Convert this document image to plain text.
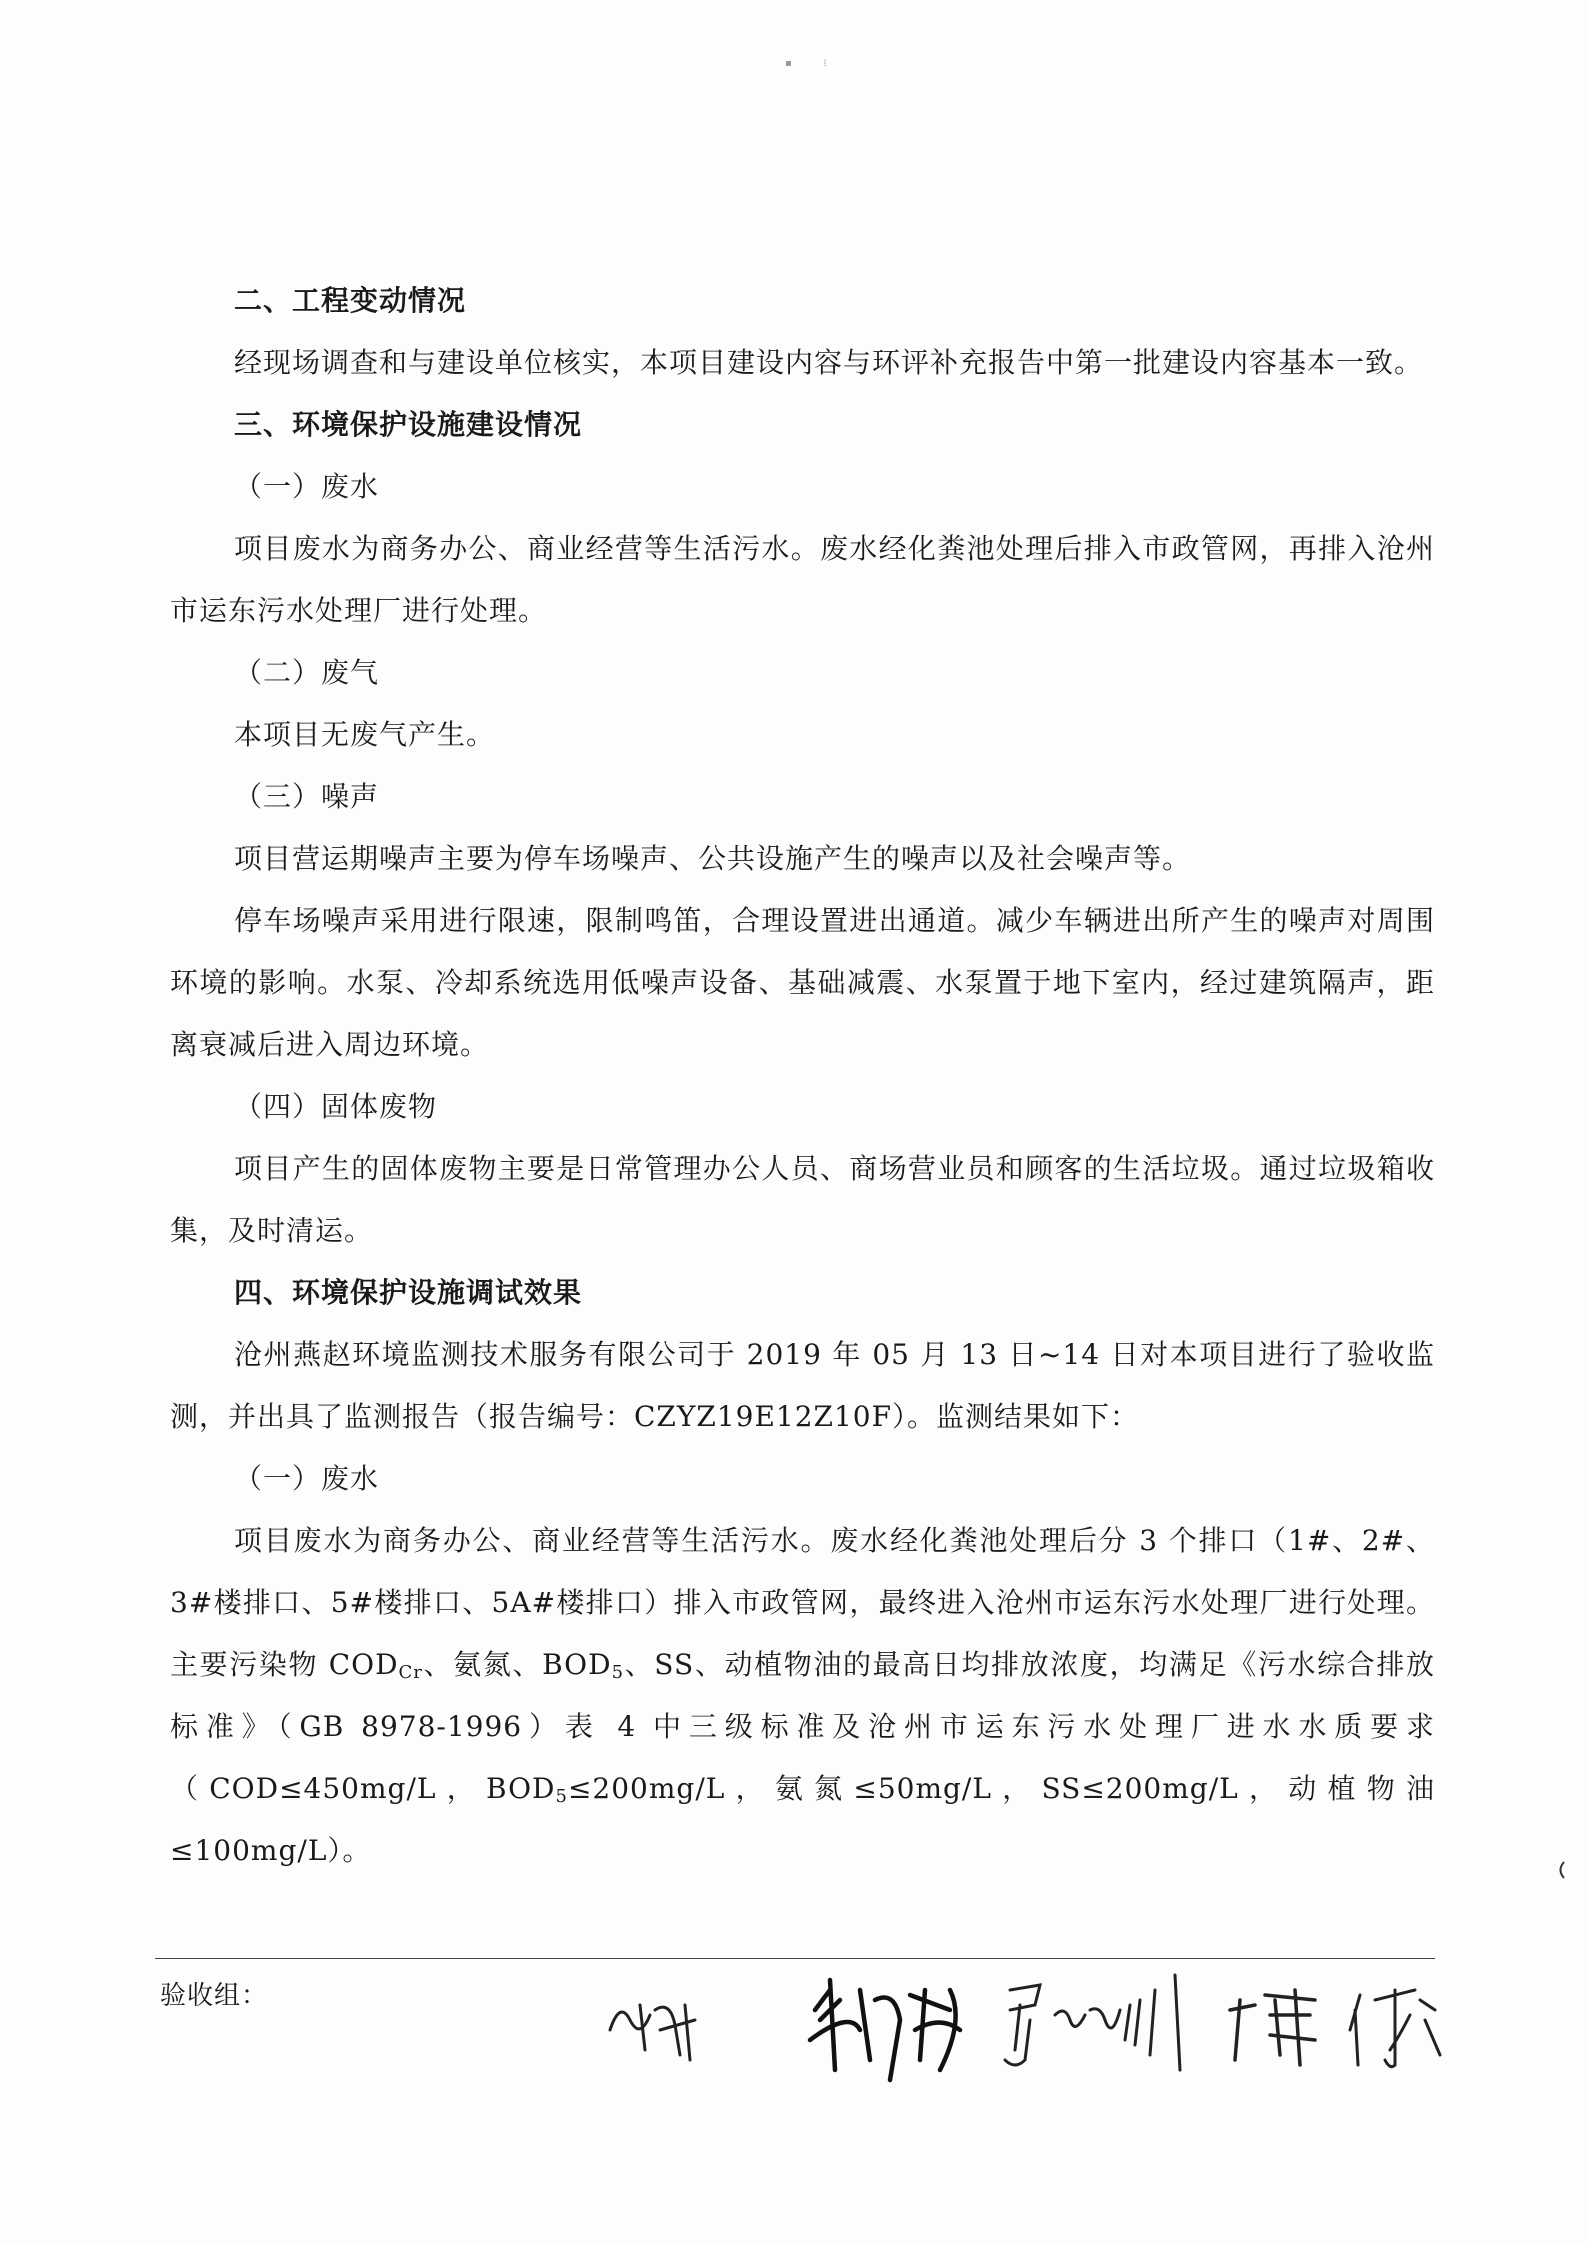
▪          ⁞

二、工程变动情况

经现场调查和与建设单位核实，本项目建设内容与环评补充报告中第一批建设内容基本一致。

三、环境保护设施建设情况

（一）废水

项目废水为商务办公、商业经营等生活污水。废水经化粪池处理后排入市政管网，再排入沧州市运东污水处理厂进行处理。

（二）废气

本项目无废气产生。

（三）噪声

项目营运期噪声主要为停车场噪声、公共设施产生的噪声以及社会噪声等。

停车场噪声采用进行限速，限制鸣笛，合理设置进出通道。减少车辆进出所产生的噪声对周围环境的影响。水泵、冷却系统选用低噪声设备、基础减震、水泵置于地下室内，经过建筑隔声，距离衰减后进入周边环境。

（四）固体废物

项目产生的固体废物主要是日常管理办公人员、商场营业员和顾客的生活垃圾。通过垃圾箱收集，及时清运。

四、环境保护设施调试效果

沧州燕赵环境监测技术服务有限公司于 2019 年 05 月 13 日~14 日对本项目进行了验收监测，并出具了监测报告（报告编号：CZYZ19E12Z10F）。监测结果如下：

（一）废水

项目废水为商务办公、商业经营等生活污水。废水经化粪池处理后分 3 个排口（1#、2#、3#楼排口、5#楼排口、5A#楼排口）排入市政管网，最终进入沧州市运东污水处理厂进行处理。主要污染物 $COD_{Cr}$、氨氮、$BOD_5$、SS、动植物油的最高日均排放浓度，均满足《污水综合排放标准》（GB 8978-1996）表 4 中三级标准及沧州市运东污水处理厂进水水质要求（COD≤450mg/L，$BOD_5\le 200mg/L$，氨氮≤50mg/L，SS≤200mg/L，动植物油≤100mg/L）。

验收组：
